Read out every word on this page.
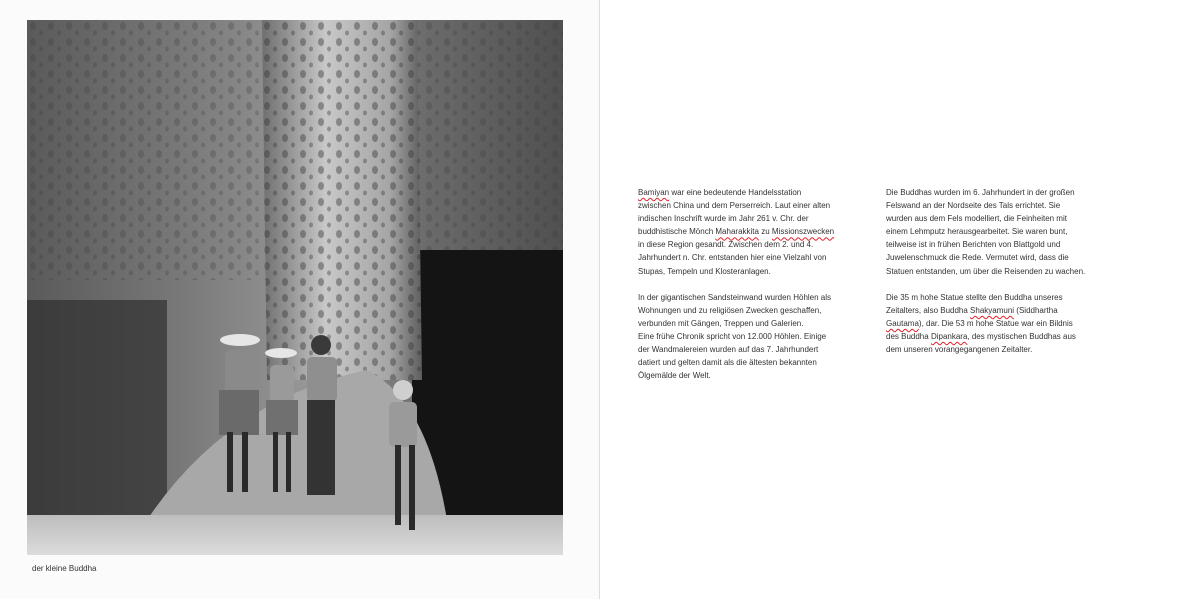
der kleine Buddha
Bamiyan war eine bedeutende Handelsstation
zwischen China und dem Perserreich. Laut einer alten
indischen Inschrift wurde im Jahr 261 v. Chr. der
buddhistische Mönch Maharakkita zu Missionszwecken
in diese Region gesandt. Zwischen dem 2. und 4.
Jahrhundert n. Chr. entstanden hier eine Vielzahl von
Stupas, Tempeln und Klosteranlagen.
In der gigantischen Sandsteinwand wurden Höhlen als
Wohnungen und zu religiösen Zwecken geschaffen,
verbunden mit Gängen, Treppen und Galerien.
Eine frühe Chronik spricht von 12.000 Höhlen. Einige
der Wandmalereien wurden auf das 7. Jahrhundert
datiert und gelten damit als die ältesten bekannten
Ölgemälde der Welt.
Die Buddhas wurden im 6. Jahrhundert in der großen
Felswand an der Nordseite des Tals errichtet. Sie
wurden aus dem Fels modelliert, die Feinheiten mit
einem Lehmputz herausgearbeitet. Sie waren bunt,
teilweise ist in frühen Berichten von Blattgold und
Juwelenschmuck die Rede. Vermutet wird, dass die
Statuen entstanden, um über die Reisenden zu wachen.
Die 35 m hohe Statue stellte den Buddha unseres
Zeitalters, also Buddha Shakyamuni (Siddhartha
Gautama), dar. Die 53 m hohe Statue war ein Bildnis
des Buddha Dipankara, des mystischen Buddhas aus
dem unseren vorangegangenen Zeitalter.
